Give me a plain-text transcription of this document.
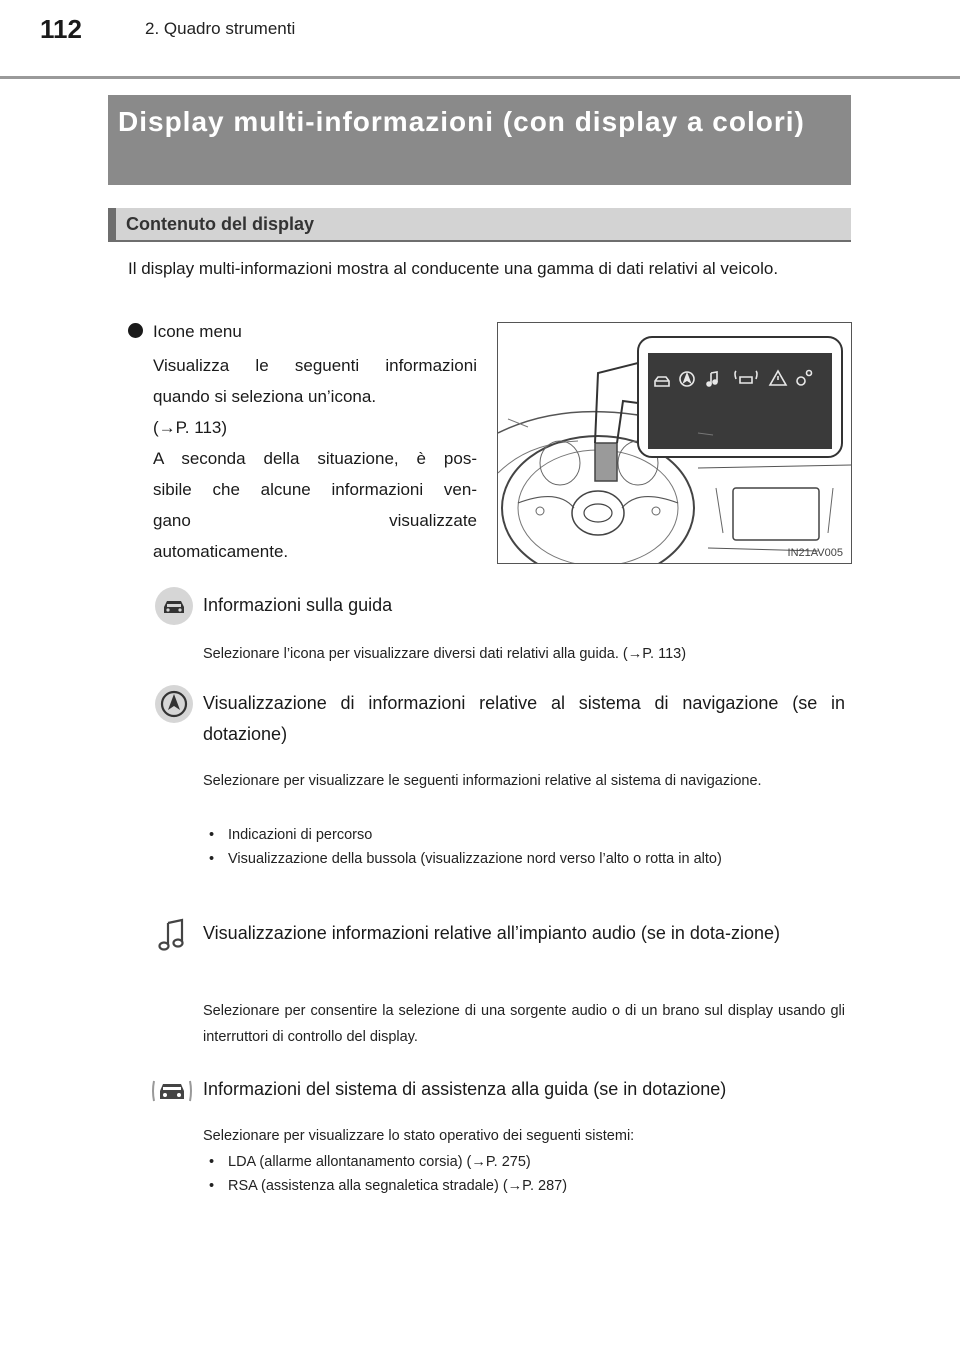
112	2. Quadro strumenti
Display multi-informazioni (con display a colori)
Contenuto del display

Il display multi-informazioni mostra al conducente una gamma di dati relativi al veicolo.

Icone menu
Visualizza le seguenti informazioni
quando si seleziona un’icona.
(→P. 113)
A seconda della situazione, è pos-
sibile che alcune informazioni ven-
gano visualizzate
automaticamente.	IN21AV005
Informazioni sulla guida

Selezionare l’icona per visualizzare diversi dati relativi alla guida. (→P. 113)

Visualizzazione di informazioni relative al sistema di navigazione (se in dotazione)

Selezionare per visualizzare le seguenti informazioni relative al sistema di navigazione.

• Indicazioni di percorso
• Visualizzazione della bussola (visualizzazione nord verso l’alto o rotta in alto)
Visualizzazione informazioni relative all’impianto audio (se in dota-zione)

Selezionare per consentire la selezione di una sorgente audio o di un brano sul display usando gli interruttori di controllo del display.

Informazioni del sistema di assistenza alla guida (se in dotazione)

Selezionare per visualizzare lo stato operativo dei seguenti sistemi:

• LDA (allarme allontanamento corsia) (→P. 275)
• RSA (assistenza alla segnaletica stradale) (→P. 287)
